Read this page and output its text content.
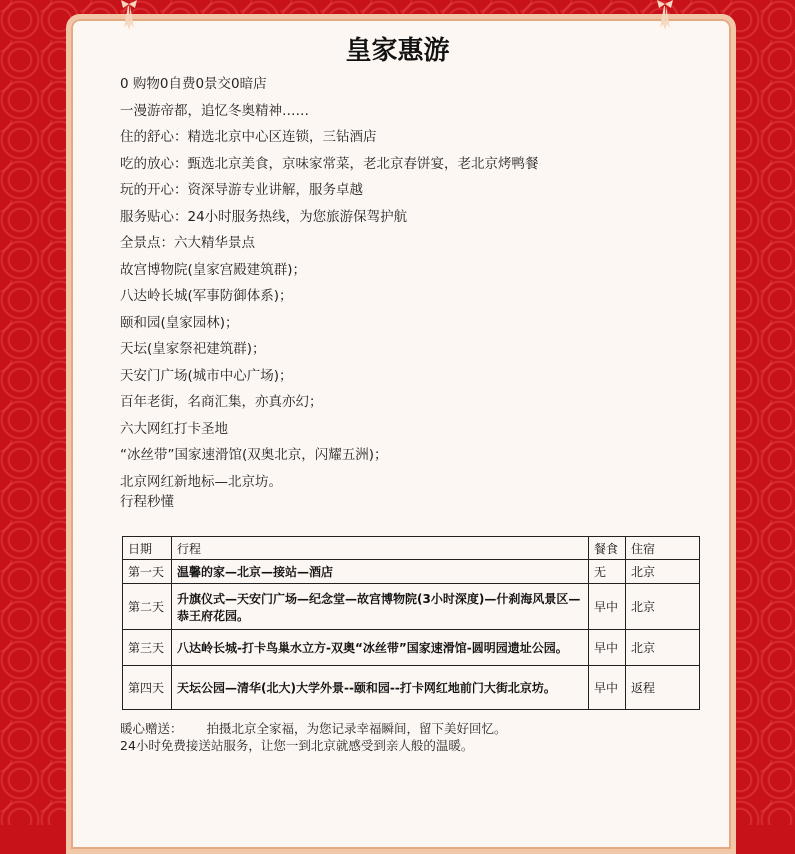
皇家惠游
0 购物0自费0景交0暗店
一漫游帝都，追忆冬奥精神……
住的舒心：精选北京中心区连锁，三钻酒店
吃的放心：甄选北京美食，京味家常菜，老北京春饼宴，老北京烤鸭餐
玩的开心：资深导游专业讲解，服务卓越
服务贴心：24小时服务热线，为您旅游保驾护航
全景点：六大精华景点
故宫博物院(皇家宫殿建筑群)；
八达岭长城(军事防御体系)；
颐和园(皇家园林)；
天坛(皇家祭祀建筑群)；
天安门广场(城市中心广场)；
百年老街，名商汇集，亦真亦幻；
六大网红打卡圣地
“冰丝带”国家速滑馆(双奥北京，闪耀五洲)；
北京网红新地标—北京坊。
行程秒懂
日期	行程	餐食	住宿
第一天	温馨的家—北京—接站—酒店	无	北京
第二天	升旗仪式—天安门广场—纪念堂—故宫博物院(3小时深度)—什刹海风景区—恭王府花园。	早中	北京
第三天	八达岭长城-打卡鸟巢水立方-双奥“冰丝带”国家速滑馆-圆明园遗址公园。	早中	北京
第四天	天坛公园—清华(北大)大学外景--颐和园--打卡网红地前门大街北京坊。	早中	返程
暖心赠送： 拍摄北京全家福，为您记录幸福瞬间，留下美好回忆。
24小时免费接送站服务，让您一到北京就感受到亲人般的温暖。
